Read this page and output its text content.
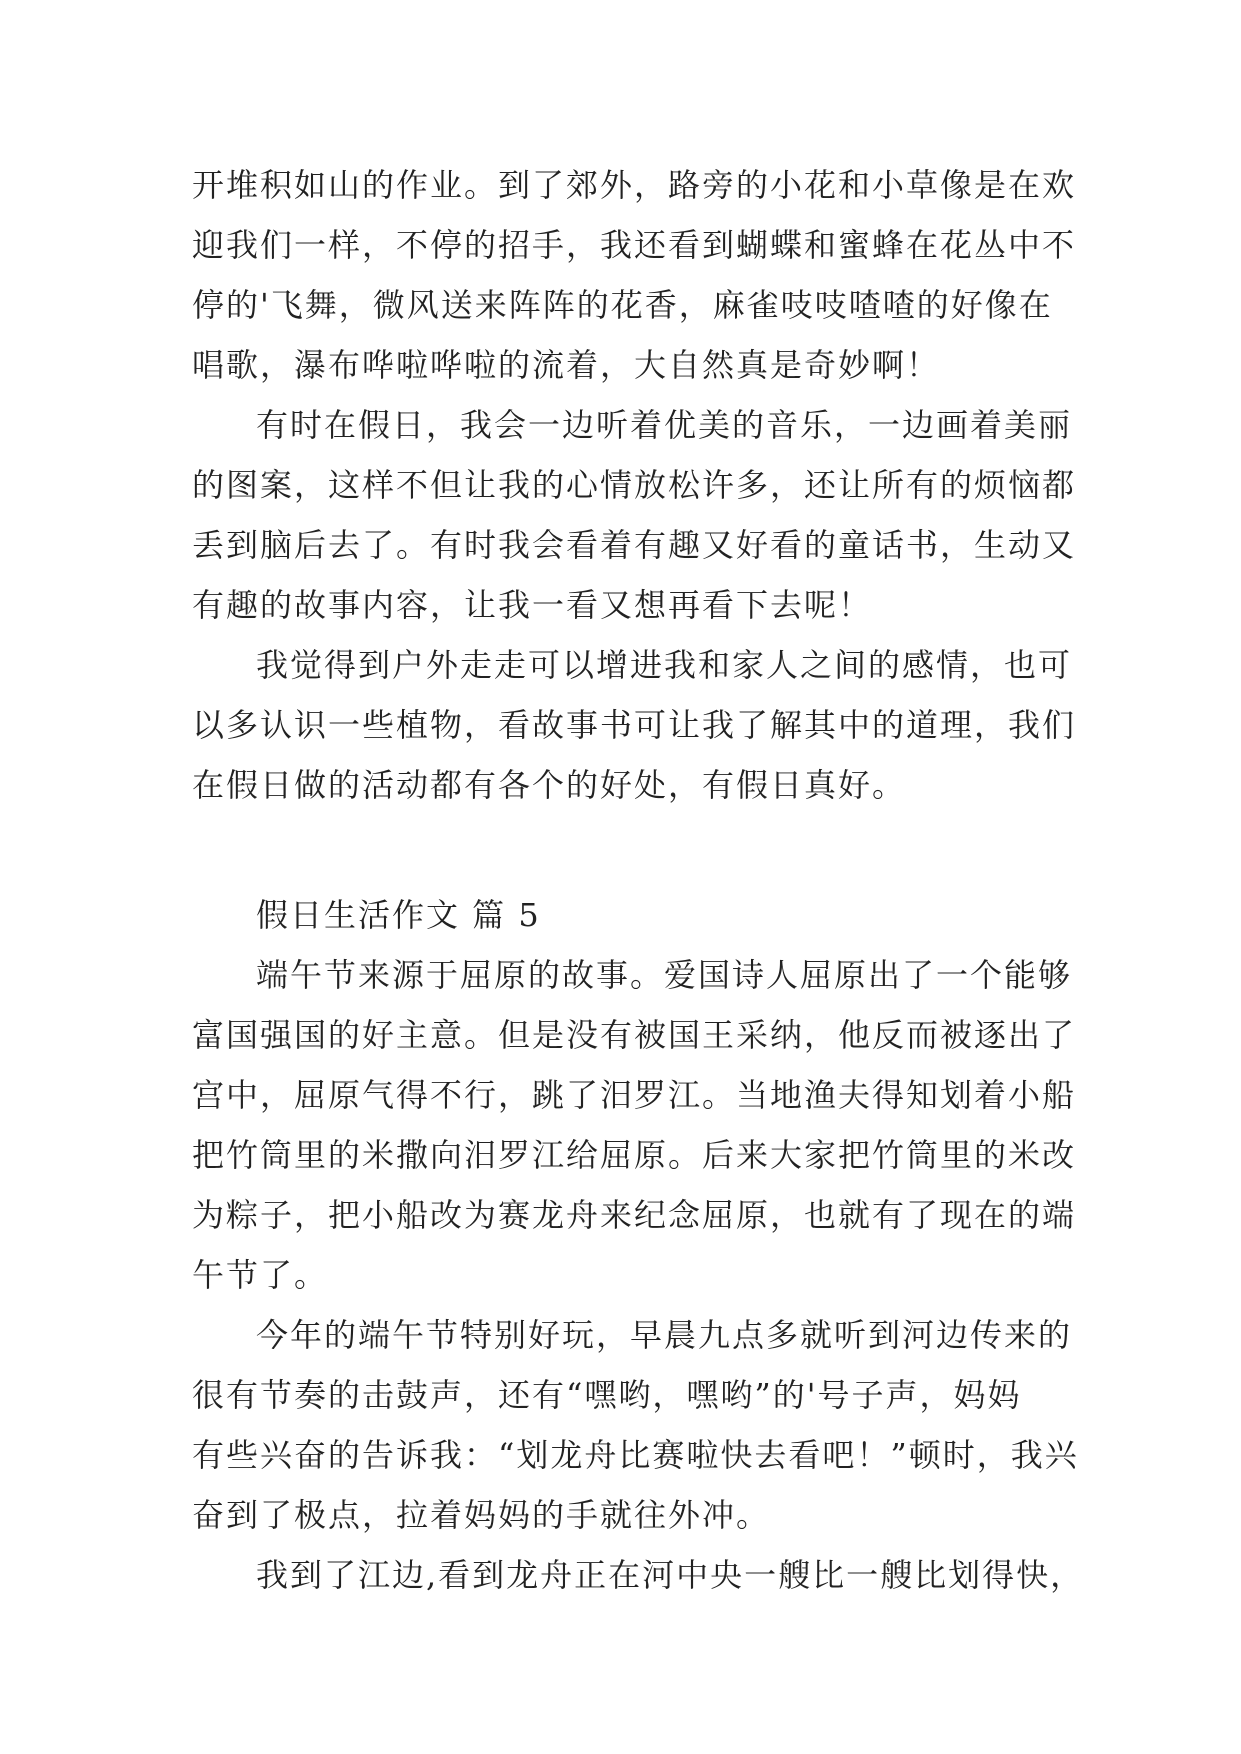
开堆积如山的作业。到了郊外，路旁的小花和小草像是在欢
迎我们一样，不停的招手，我还看到蝴蝶和蜜蜂在花丛中不
停的'飞舞，微风送来阵阵的花香，麻雀吱吱喳喳的好像在
唱歌，瀑布哗啦哗啦的流着，大自然真是奇妙啊！
有时在假日，我会一边听着优美的音乐，一边画着美丽
的图案，这样不但让我的心情放松许多，还让所有的烦恼都
丢到脑后去了。有时我会看着有趣又好看的童话书，生动又
有趣的故事内容，让我一看又想再看下去呢！
我觉得到户外走走可以增进我和家人之间的感情，也可
以多认识一些植物，看故事书可让我了解其中的道理，我们
在假日做的活动都有各个的好处，有假日真好。
假日生活作文 篇 5
端午节来源于屈原的故事。爱国诗人屈原出了一个能够
富国强国的好主意。但是没有被国王采纳，他反而被逐出了
宫中，屈原气得不行，跳了汨罗江。当地渔夫得知划着小船
把竹筒里的米撒向汨罗江给屈原。后来大家把竹筒里的米改
为粽子，把小船改为赛龙舟来纪念屈原，也就有了现在的端
午节了。
今年的端午节特别好玩，早晨九点多就听到河边传来的
很有节奏的击鼓声，还有“嘿哟，嘿哟”的'号子声，妈妈
有些兴奋的告诉我：“划龙舟比赛啦快去看吧！”顿时，我兴
奋到了极点，拉着妈妈的手就往外冲。
我到了江边,看到龙舟正在河中央一艘比一艘比划得快，
